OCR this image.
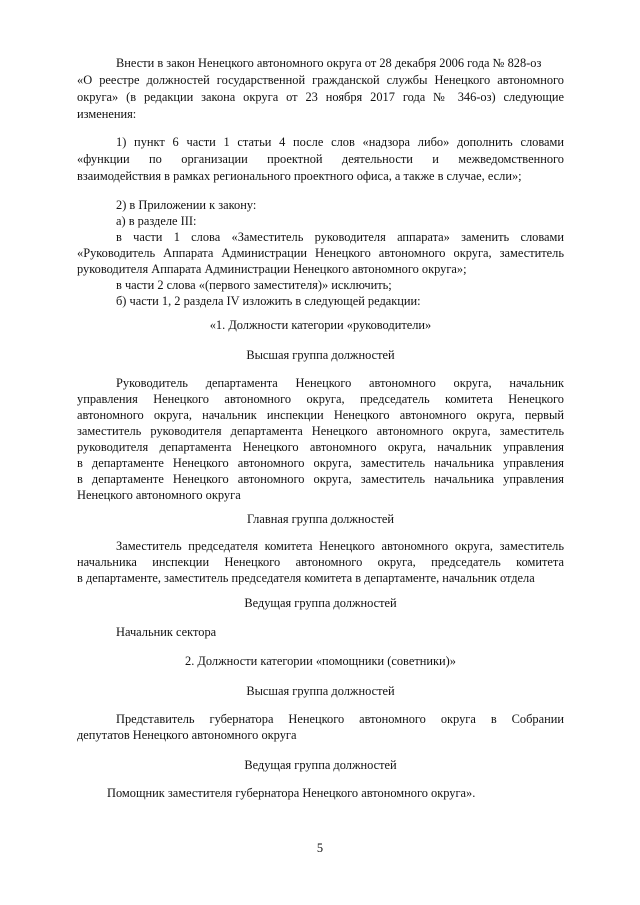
Внести в закон Ненецкого автономного округа от 28 декабря 2006 года № 828-оз
«О реестре должностей государственной гражданской службы Ненецкого автономного
округа» (в редакции закона округа от 23 ноября 2017 года № 346-оз) следующие
изменения:
1) пункт 6 части 1 статьи 4 после слов «надзора либо» дополнить словами
«функции по организации проектной деятельности и межведомственного
взаимодействия в рамках регионального проектного офиса, а также в случае, если»;
2) в Приложении к закону:
а) в разделе III:
в части 1 слова «Заместитель руководителя аппарата» заменить словами
«Руководитель Аппарата Администрации Ненецкого автономного округа, заместитель
руководителя Аппарата Администрации Ненецкого автономного округа»;
в части 2 слова «(первого заместителя)» исключить;
б) части 1, 2 раздела IV изложить в следующей редакции:
«1. Должности категории «руководители»
Высшая группа должностей
Руководитель департамента Ненецкого автономного округа, начальник
управления Ненецкого автономного округа, председатель комитета Ненецкого
автономного округа, начальник инспекции Ненецкого автономного округа, первый
заместитель руководителя департамента Ненецкого автономного округа, заместитель
руководителя департамента Ненецкого автономного округа, начальник управления
в департаменте Ненецкого автономного округа, заместитель начальника управления
в департаменте Ненецкого автономного округа, заместитель начальника управления
Ненецкого автономного округа
Главная группа должностей
Заместитель председателя комитета Ненецкого автономного округа, заместитель
начальника инспекции Ненецкого автономного округа, председатель комитета
в департаменте, заместитель председателя комитета в департаменте, начальник отдела
Ведущая группа должностей
Начальник сектора
2. Должности категории «помощники (советники)»
Высшая группа должностей
Представитель губернатора Ненецкого автономного округа в Собрании
депутатов Ненецкого автономного округа
Ведущая группа должностей
Помощник заместителя губернатора Ненецкого автономного округа».
5
